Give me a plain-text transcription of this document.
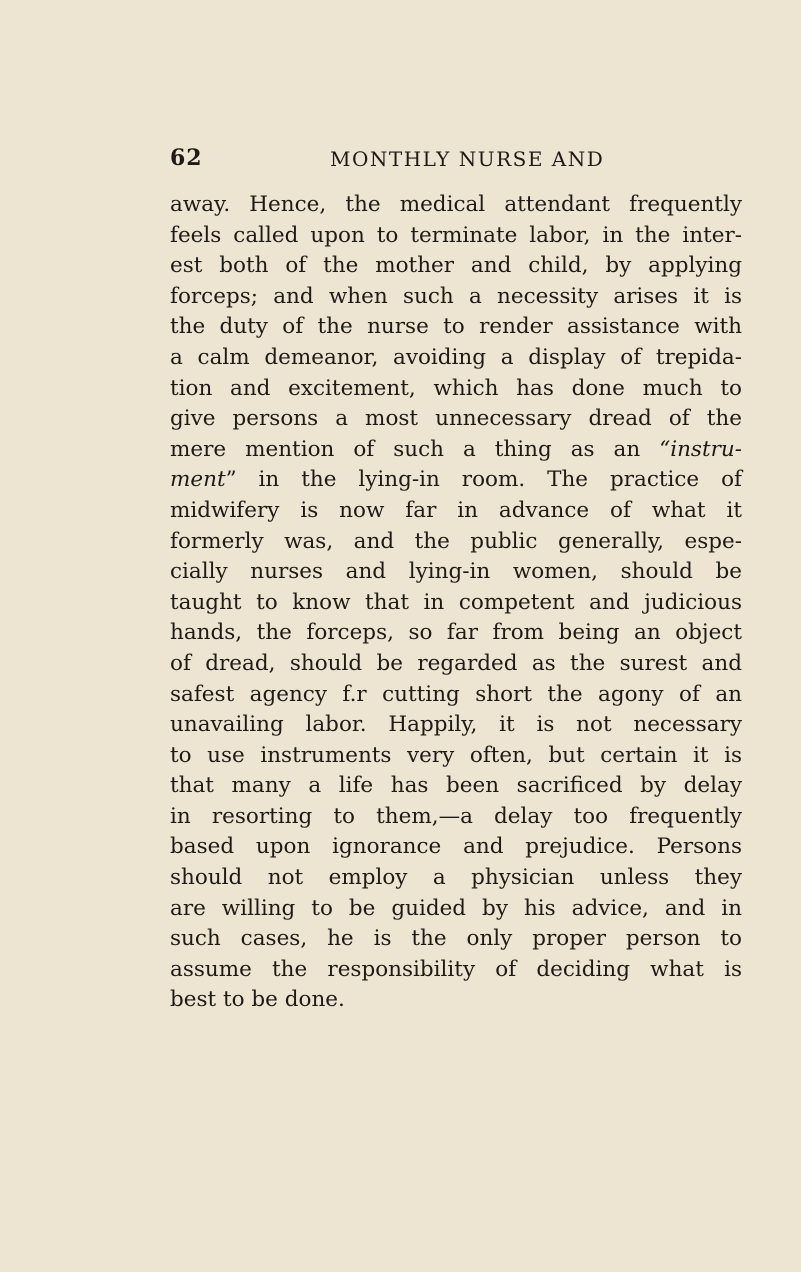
62	MONTHLY NURSE AND
away. Hence, the medical attendant frequently
feels called upon to terminate labor, in the inter-
est both of the mother and child, by applying
forceps; and when such a necessity arises it is
the duty of the nurse to render assistance with
a calm demeanor, avoiding a display of trepida-
tion and excitement, which has done much to
give persons a most unnecessary dread of the
mere mention of such a thing as an “instru-
ment” in the lying-in room. The practice of
midwifery is now far in advance of what it
formerly was, and the public generally, espe-
cially nurses and lying-in women, should be
taught to know that in competent and judicious
hands, the forceps, so far from being an object
of dread, should be regarded as the surest and
safest agency f.r cutting short the agony of an
unavailing labor. Happily, it is not necessary
to use instruments very often, but certain it is
that many a life has been sacrificed by delay
in resorting to them,—a delay too frequently
based upon ignorance and prejudice. Persons
should not employ a physician unless they
are willing to be guided by his advice, and in
such cases, he is the only proper person to
assume the responsibility of deciding what is
best to be done.
